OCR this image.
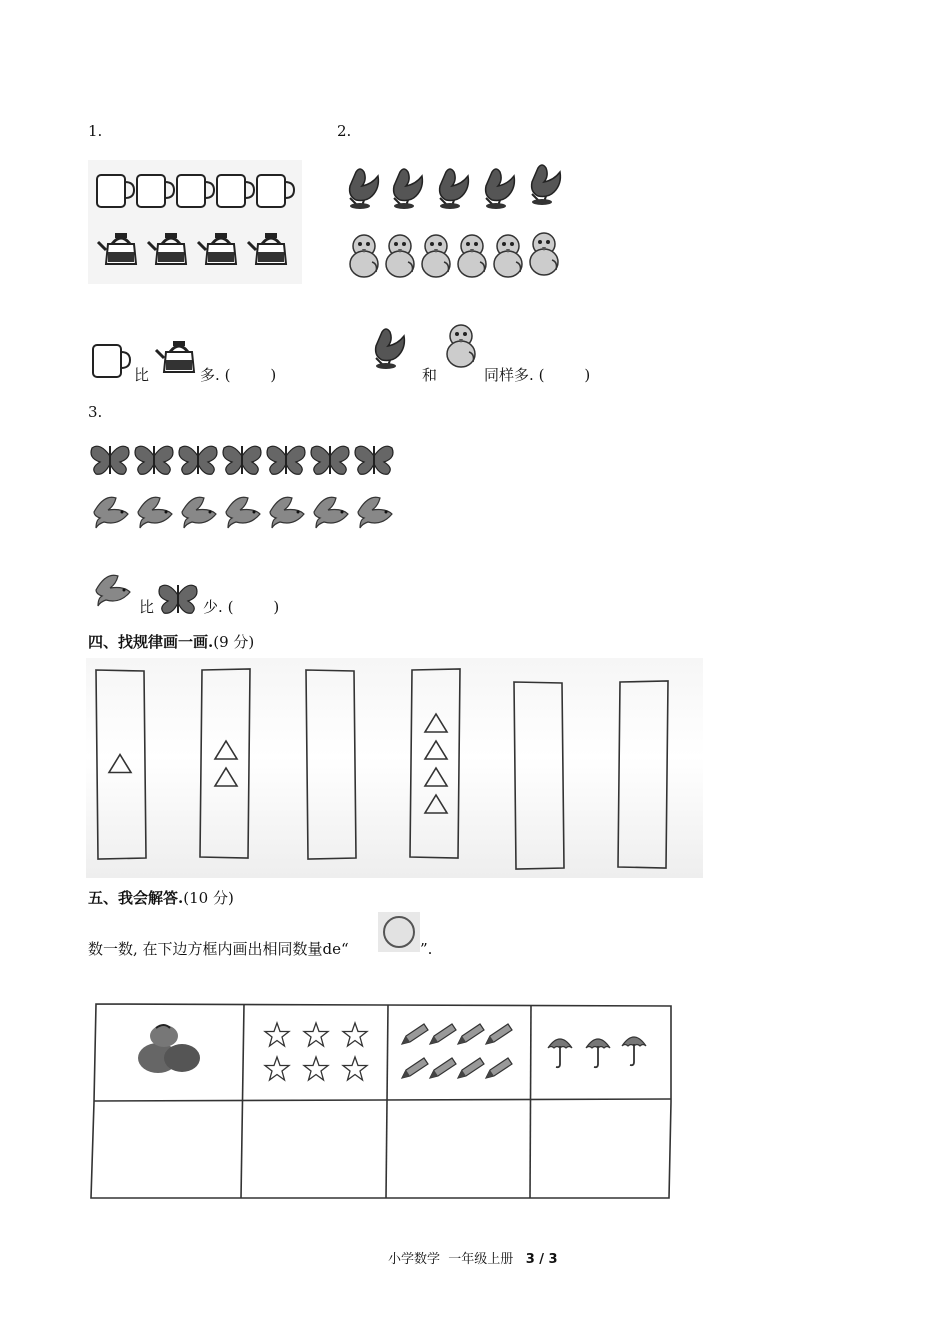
1.
比	多. (	)
2.
和	同样多. (	)
3.
比	少. (	)
四、找规律画一画.(9 分)
五、我会解答.(10 分)
数一数, 在下边方框内画出相同数量de“	”.
小学数学 一年级上册 3 / 3
